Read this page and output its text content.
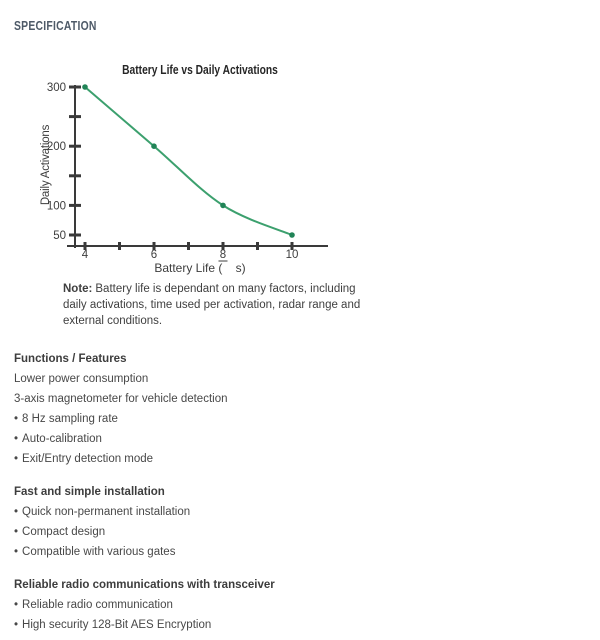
SPECIFICATION
Battery Life vs Daily Activations
Daily Activations
Battery Life (    s)
50
100
200
300
4	6	8	10

Note: Battery life is dependant on many factors, including
daily activations, time used per activation, radar range and
external conditions.

Functions / Features
Lower power consumption
3-axis magnetometer for vehicle detection
• 8 Hz sampling rate
• Auto-calibration
• Exit/Entry detection mode
Fast and simple installation
• Quick non-permanent installation
• Compact design
• Compatible with various gates
Reliable radio communications with transceiver
• Reliable radio communication
• High security 128-Bit AES Encryption
